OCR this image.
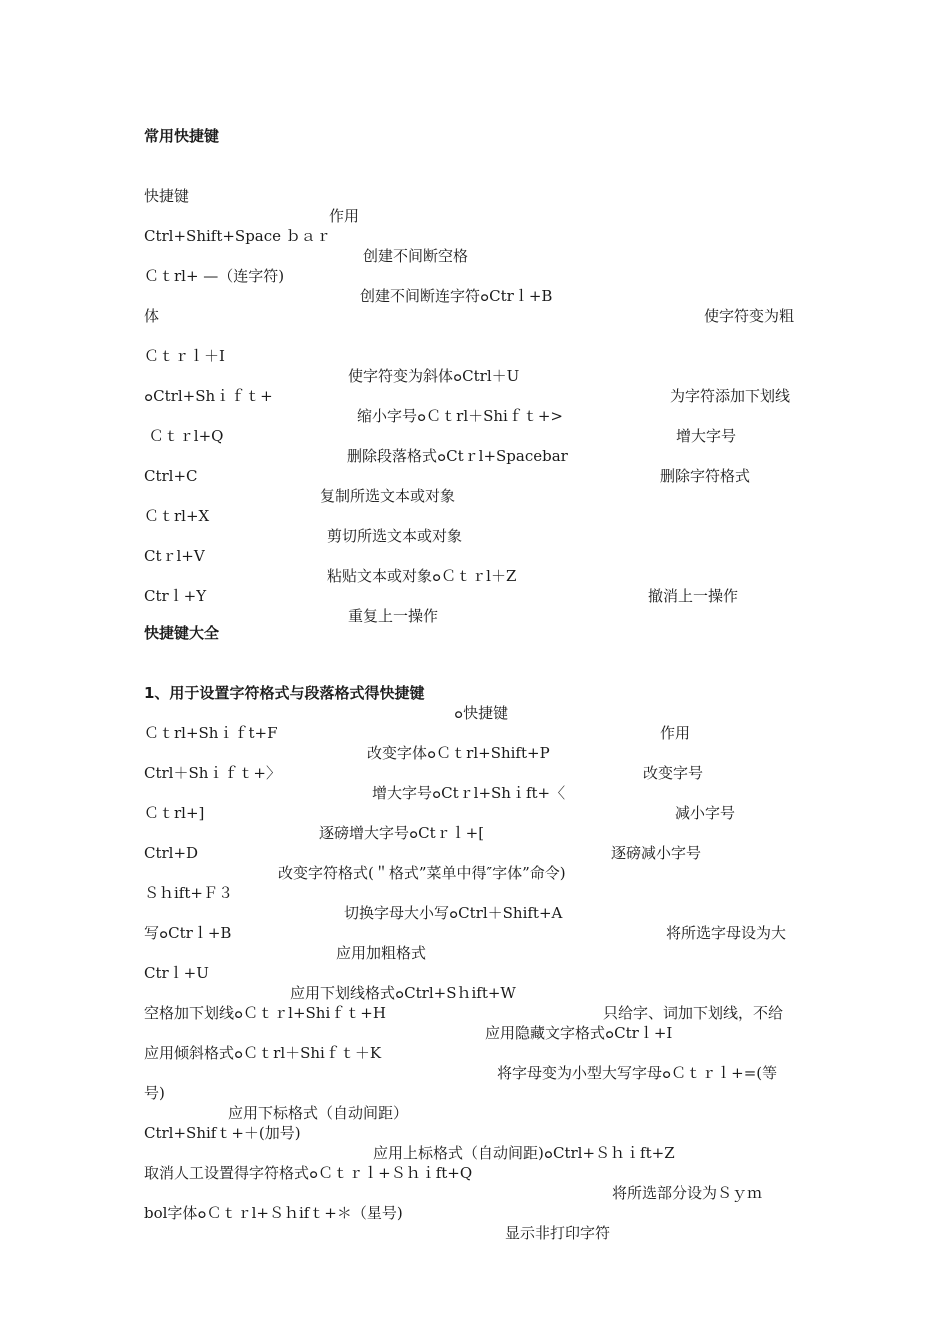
常用快捷键

快捷键

作用

Ctrl+Shift+Space ｂａｒ

创建不间断空格

Ｃｔrl+ —（连字符)

创建不间断连字符๐Ctrｌ+B

使字符变为粗

体

Ｃｔｒｌ＋I

使字符变为斜体๐Ctrl＋U

为字符添加下划线

๐Ctrl+Shｉｆｔ+

缩小字号๐Ｃｔrl＋Shiｆｔ+>

增大字号

Ｃｔｒl+Q

删除段落格式๐Ctｒl+Spacebar

删除字符格式

Ctrl+C

复制所选文本或对象

Ｃｔrl+X

剪切所选文本或对象

Ctｒl+V

粘贴文本或对象๐Ｃｔｒl＋Z

撤消上一操作

Ctrｌ+Y

重复上一操作

快捷键大全

1、用于设置字符格式与段落格式得快捷键

๐快捷键

作用

Ｃｔrl+Shｉｆt+F

改变字体๐Ｃｔrl+Shift+P

改变字号

Ctrl＋Shｉｆｔ+〉

增大字号๐Ctｒl+Shｉft+〈

减小字号

Ｃｔrl+]

逐磅增大字号๐Ctｒｌ+[

逐磅减小字号

Ctrl+D

改变字符格式(＂格式”菜单中得″字体”命令)

Ｓｈift+Ｆ３

切换字母大小写๐Ctrl＋Shift+A

将所选字母设为大

写๐Ctrｌ+B

应用加粗格式

Ctrｌ+U

应用下划线格式๐Ctrl+Sｈift+W

只给字、词加下划线，不给

空格加下划线๐Ｃｔｒl+Shiｆｔ+H

应用隐藏文字格式๐Ctrｌ+I

应用倾斜格式๐Ｃｔrl＋Shiｆｔ＋K

将字母变为小型大写字母๐Ｃｔｒｌ+=(等

号)

应用下标格式（自动间距）

Ctrl+Shifｔ+＋(加号)

应用上标格式（自动间距)๐Ctrl+Ｓｈｉft+Z

取消人工设置得字符格式๐Ｃｔｒｌ+Ｓｈｉft+Q

将所选部分设为Ｓｙｍ

bol字体๐Ｃｔｒl+Ｓｈifｔ+＊（星号)

显示非打印字符
